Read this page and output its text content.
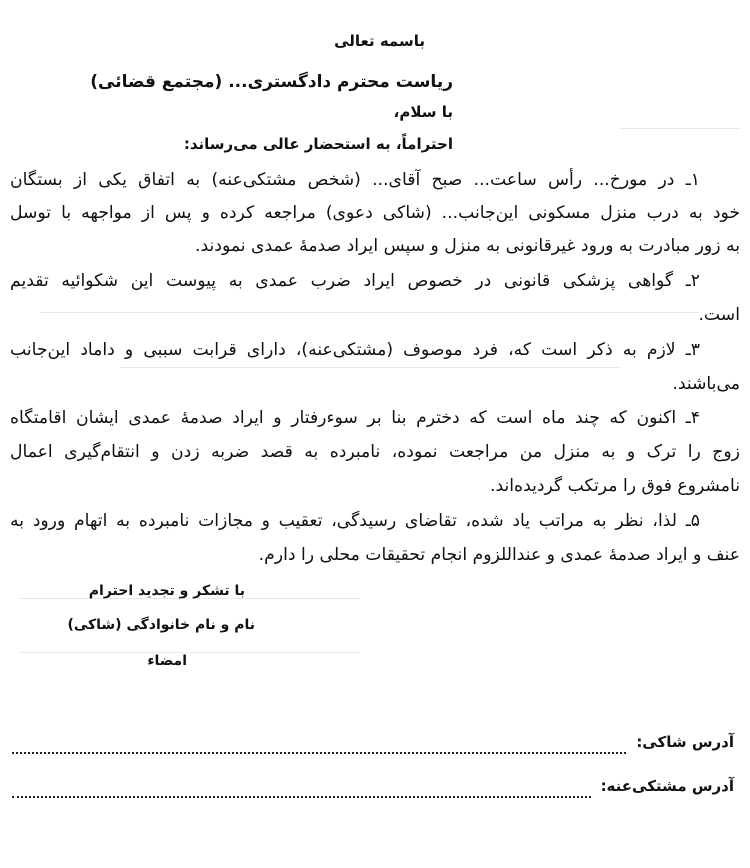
باسمه تعالی
ریاست محترم دادگستری... (مجتمع قضائی)
با سلام،
احتراماً، به استحضار عالی می‌رساند:
۱ـ در مورخ... رأس ساعت... صبح آقای... (شخص مشتکی‌عنه) به اتفاق یکی از بستگان
خود به درب منزل مسکونی این‌جانب... (شاکی دعوی) مراجعه کرده و پس از مواجهه با توسل
به زور مبادرت به ورود غیرقانونی به منزل و سپس ایراد صدمهٔ عمدی نمودند.
۲ـ گواهی پزشکی قانونی در خصوص ایراد ضرب عمدی به پیوست این شکوائیه تقدیم
است.
۳ـ لازم به ذکر است که، فرد موصوف (مشتکی‌عنه)، دارای قرابت سببی و داماد این‌جانب
می‌باشند.
۴ـ اکنون که چند ماه است که دخترم بنا بر سوءرفتار و ایراد صدمهٔ عمدی ایشان اقامتگاه
زوج را ترک و به منزل من مراجعت نموده، نامبرده به قصد ضربه زدن و انتقام‌گیری اعمال
نامشروع فوق را مرتکب گردیده‌اند.
۵ـ لذا، نظر به مراتب یاد شده، تقاضای رسیدگی، تعقیب و مجازات نامبرده به اتهام ورود به
عنف و ایراد صدمهٔ عمدی و عنداللزوم انجام تحقیقات محلی را دارم.
با تشکر و تجدید احترام
نام و نام خانوادگی (شاکی)
امضاء
آدرس شاکی:
آدرس مشتکی‌عنه:
